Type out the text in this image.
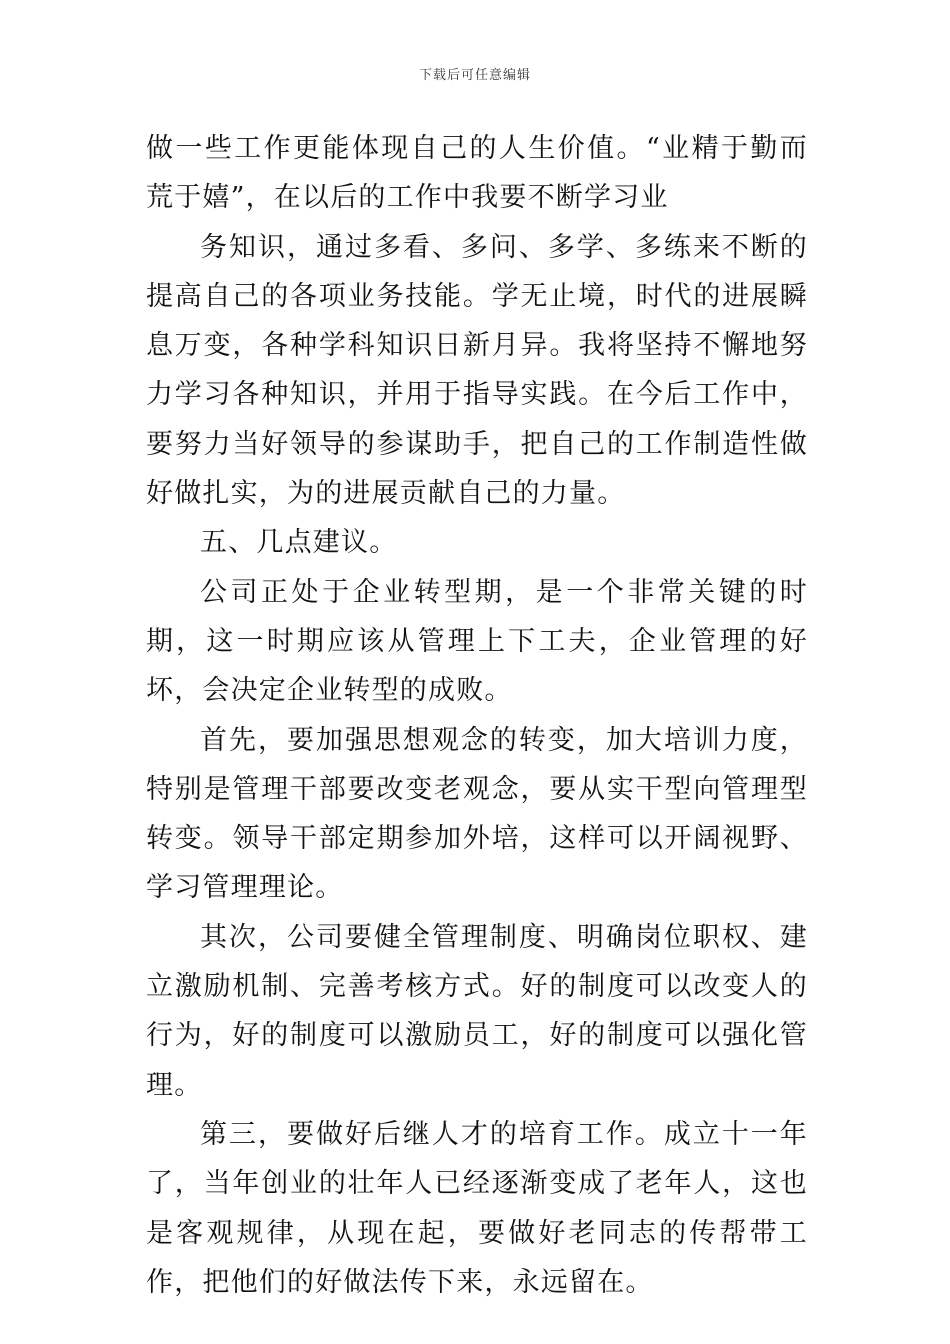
下载后可任意编辑

做一些工作更能体现自己的人生价值。“业精于勤而荒于嬉”，在以后的工作中我要不断学习业

务知识，通过多看、多问、多学、多练来不断的提高自己的各项业务技能。学无止境，时代的进展瞬息万变，各种学科知识日新月异。我将坚持不懈地努力学习各种知识，并用于指导实践。在今后工作中，要努力当好领导的参谋助手，把自己的工作制造性做好做扎实，为的进展贡献自己的力量。

五、几点建议。

公司正处于企业转型期，是一个非常关键的时期，这一时期应该从管理上下工夫，企业管理的好坏，会决定企业转型的成败。

首先，要加强思想观念的转变，加大培训力度，特别是管理干部要改变老观念，要从实干型向管理型转变。领导干部定期参加外培，这样可以开阔视野、学习管理理论。

其次，公司要健全管理制度、明确岗位职权、建立激励机制、完善考核方式。好的制度可以改变人的行为，好的制度可以激励员工，好的制度可以强化管理。

第三，要做好后继人才的培育工作。成立十一年了，当年创业的壮年人已经逐渐变成了老年人，这也是客观规律，从现在起，要做好老同志的传帮带工作，把他们的好做法传下来，永远留在。
